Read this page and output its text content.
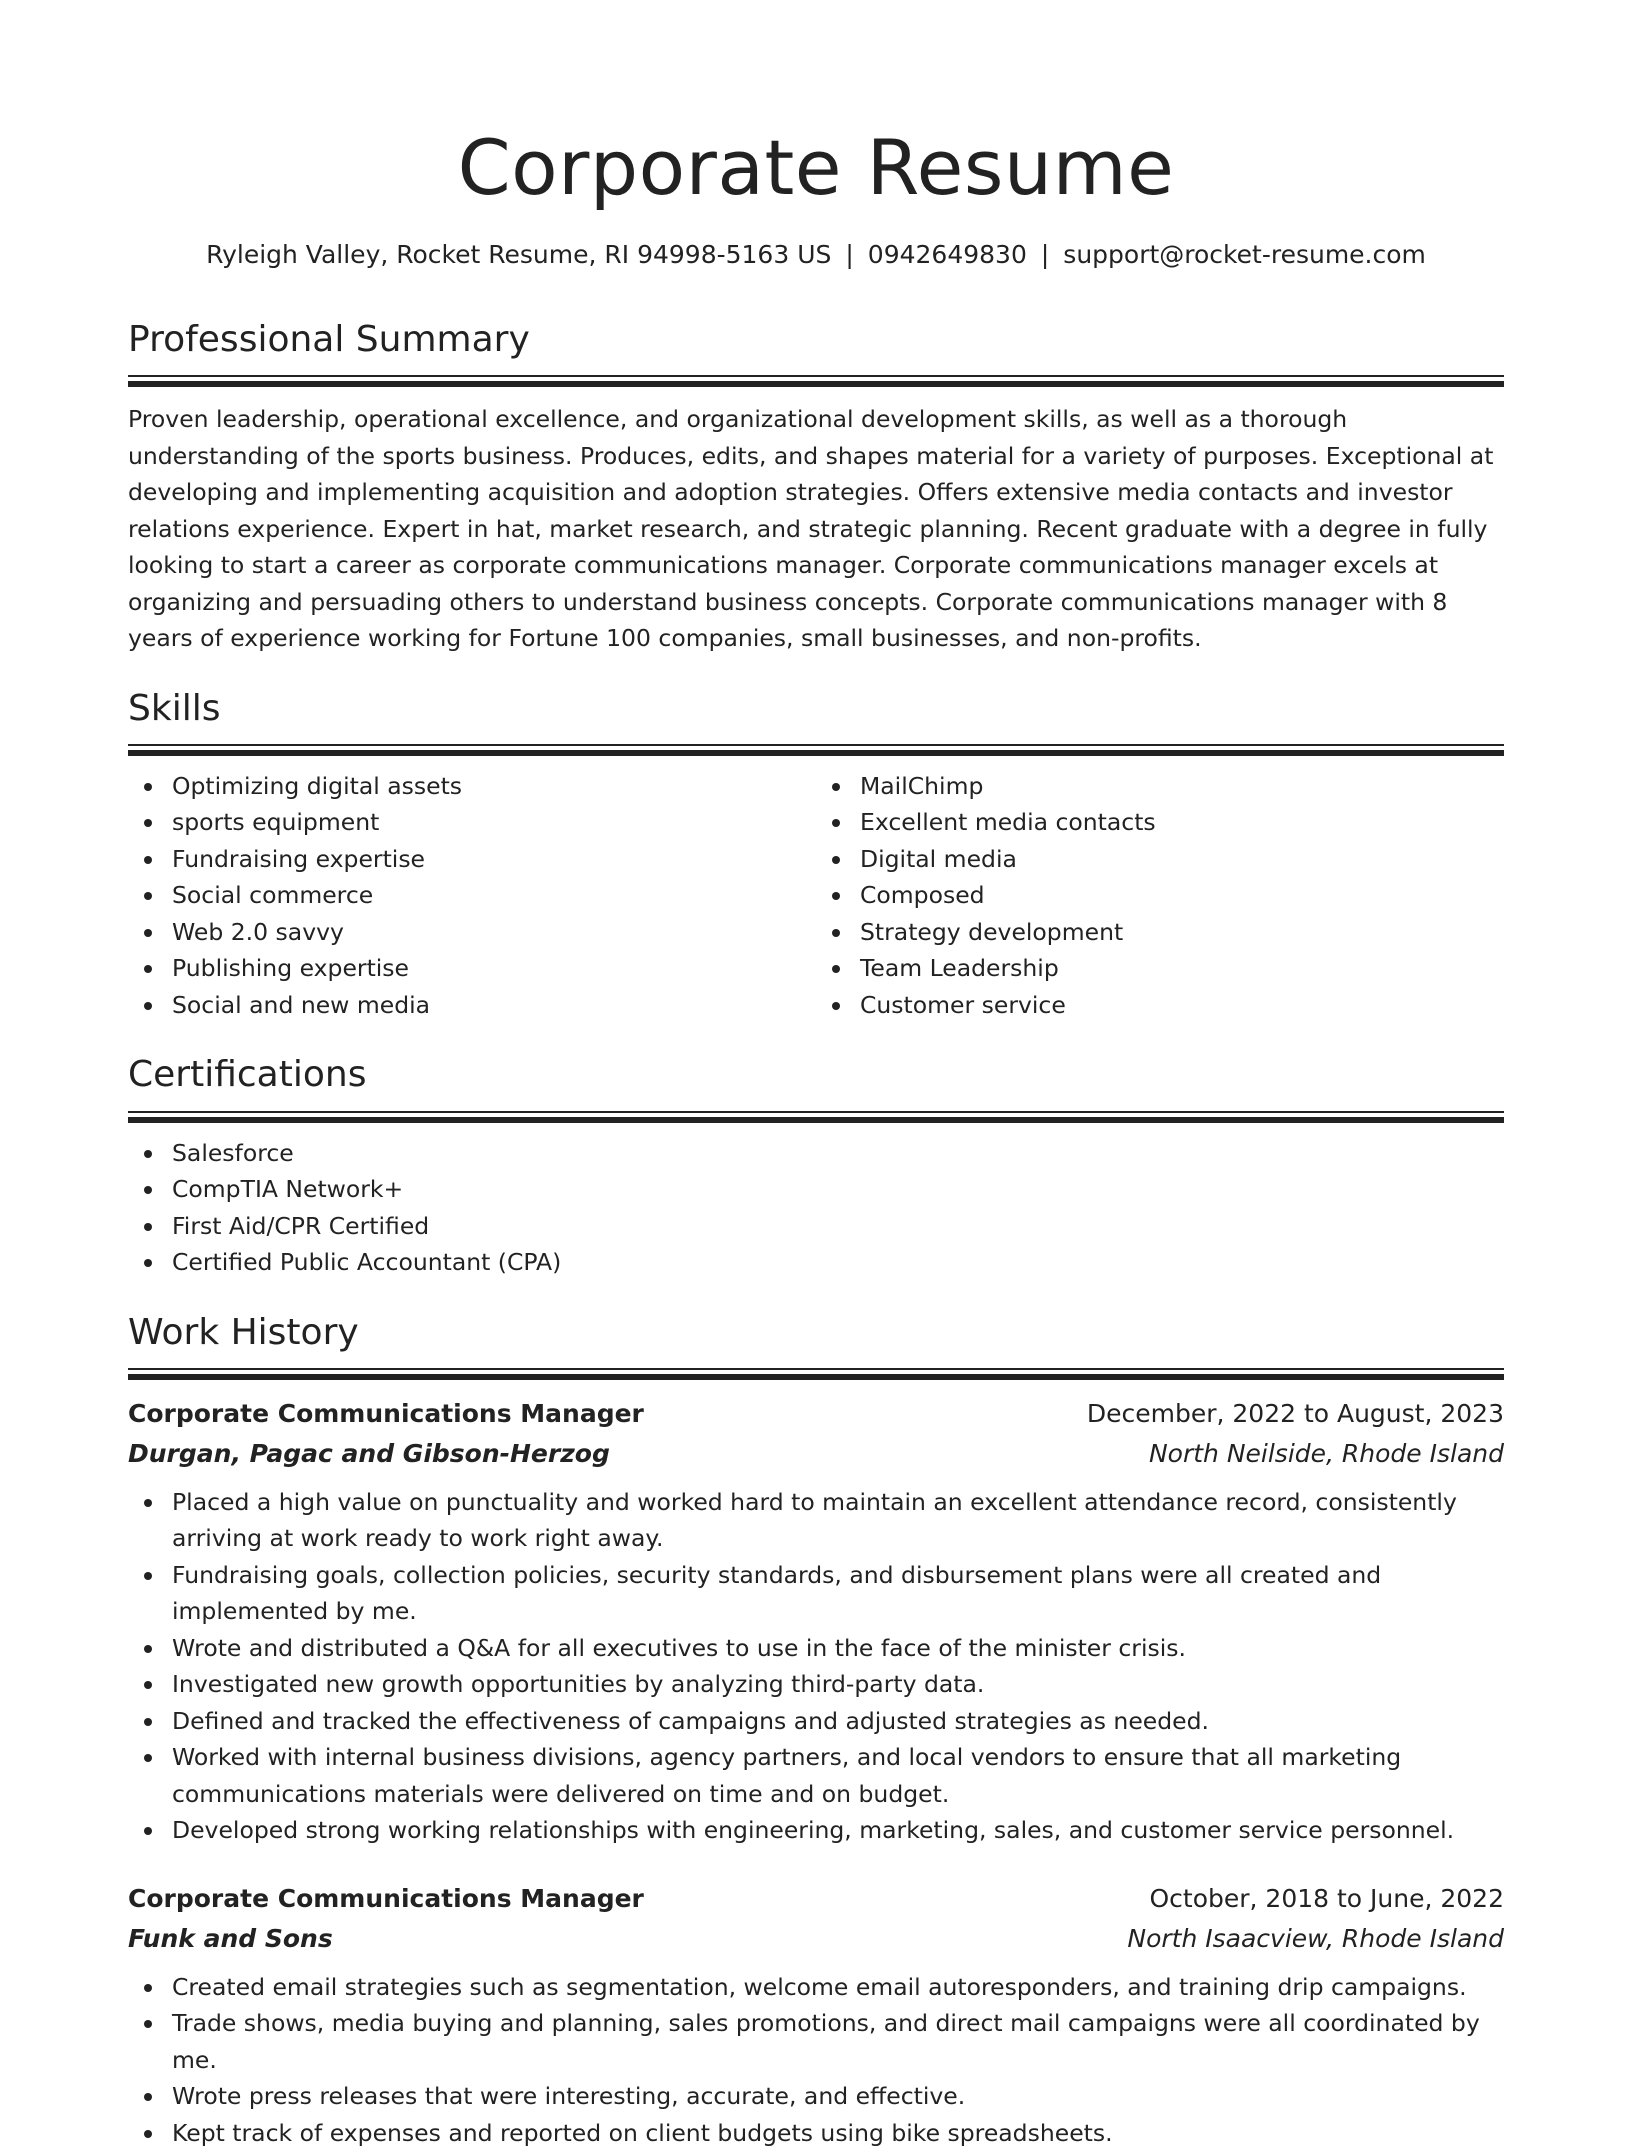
Corporate Resume
Ryleigh Valley, Rocket Resume, RI 94998-5163 US | 0942649830 | support@rocket-resume.com
Professional Summary

Proven leadership, operational excellence, and organizational development skills, as well as a thorough understanding of the sports business. Produces, edits, and shapes material for a variety of purposes. Exceptional at developing and implementing acquisition and adoption strategies. Offers extensive media contacts and investor relations experience. Expert in hat, market research, and strategic planning. Recent graduate with a degree in fully looking to start a career as corporate communications manager. Corporate communications manager excels at organizing and persuading others to understand business concepts. Corporate communications manager with 8 years of experience working for Fortune 100 companies, small businesses, and non-profits.

Skills
Optimizing digital assets
sports equipment
Fundraising expertise
Social commerce
Web 2.0 savvy
Publishing expertise
Social and new media
MailChimp
Excellent media contacts
Digital media
Composed
Strategy development
Team Leadership
Customer service
Certifications
Salesforce
CompTIA Network+
First Aid/CPR Certified
Certified Public Accountant (CPA)
Work History
Corporate Communications Manager	December, 2022 to August, 2023
Durgan, Pagac and Gibson-Herzog	North Neilside, Rhode Island
Placed a high value on punctuality and worked hard to maintain an excellent attendance record, consistently arriving at work ready to work right away.
Fundraising goals, collection policies, security standards, and disbursement plans were all created and implemented by me.
Wrote and distributed a Q&A for all executives to use in the face of the minister crisis.
Investigated new growth opportunities by analyzing third-party data.
Defined and tracked the effectiveness of campaigns and adjusted strategies as needed.
Worked with internal business divisions, agency partners, and local vendors to ensure that all marketing communications materials were delivered on time and on budget.
Developed strong working relationships with engineering, marketing, sales, and customer service personnel.
Corporate Communications Manager	October, 2018 to June, 2022
Funk and Sons	North Isaacview, Rhode Island
Created email strategies such as segmentation, welcome email autoresponders, and training drip campaigns.
Trade shows, media buying and planning, sales promotions, and direct mail campaigns were all coordinated by me.
Wrote press releases that were interesting, accurate, and effective.
Kept track of expenses and reported on client budgets using bike spreadsheets.
